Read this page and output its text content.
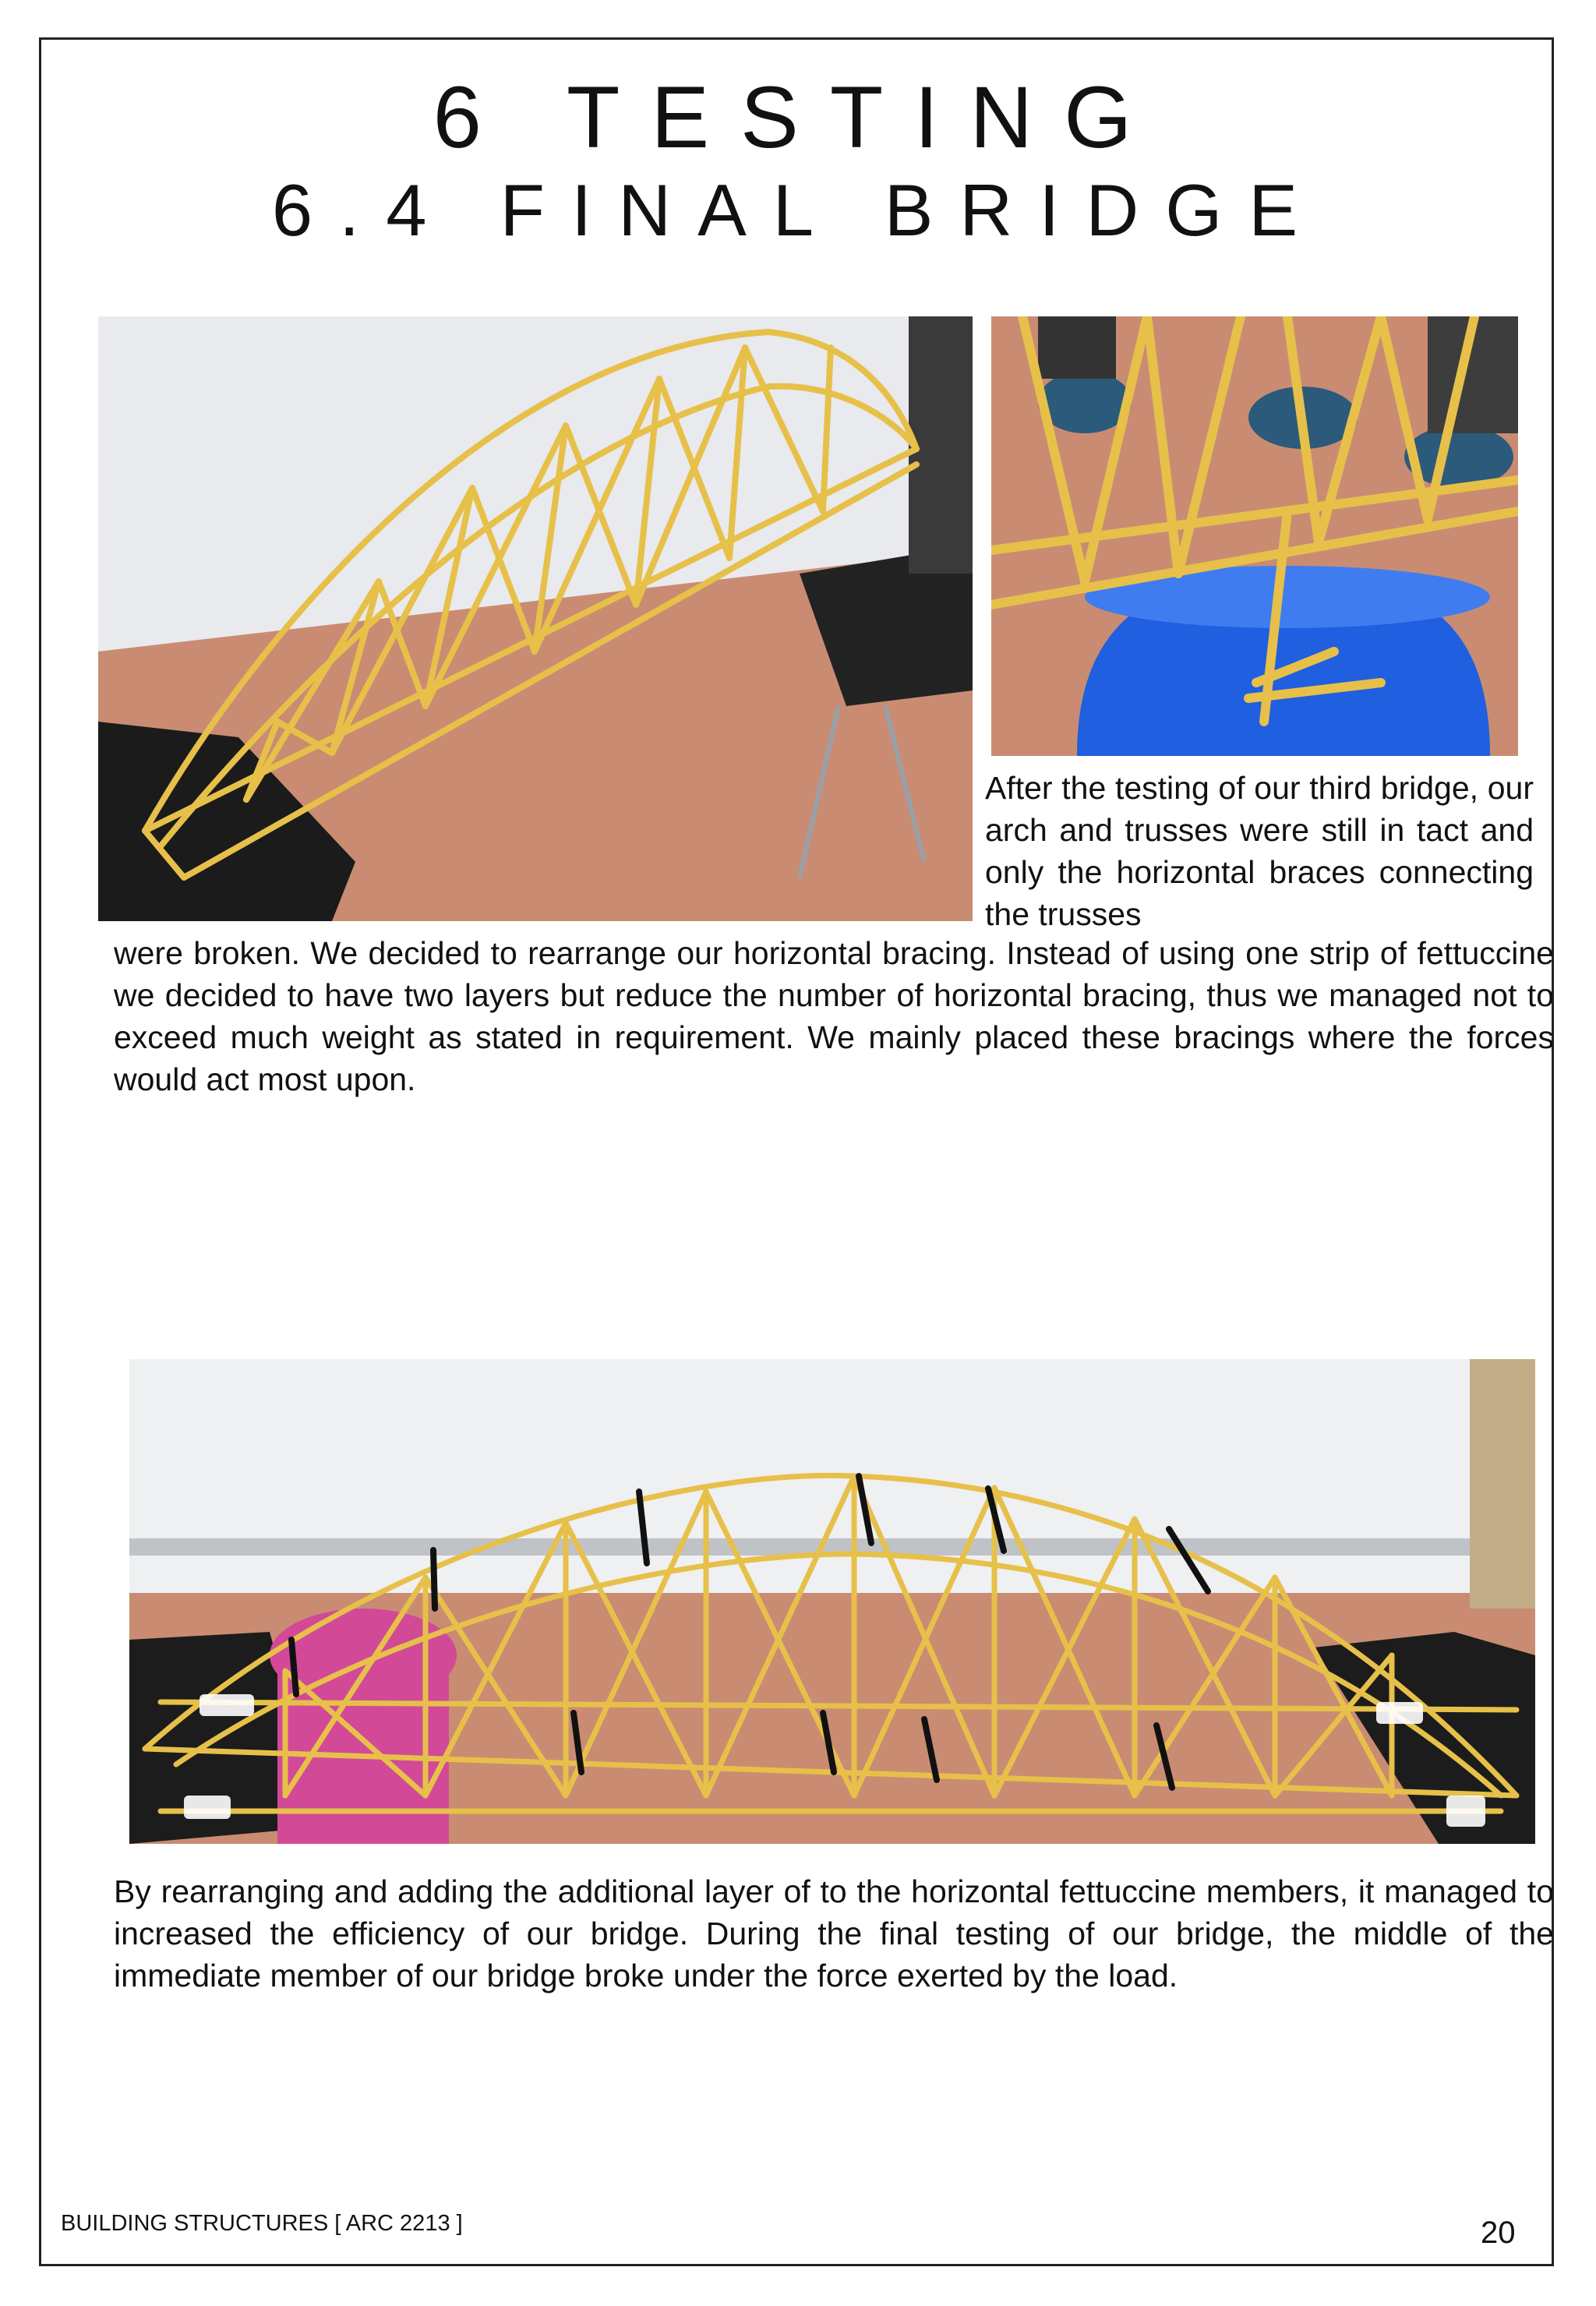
6 TESTING
6.4 FINAL BRIDGE

After the testing of our third bridge, our arch and trusses were still in tact and only the horizontal braces connecting the trusses

were broken. We decided to rearrange our horizontal bracing. Instead of using one strip of fettuccine we decided to have two layers but reduce the number of horizontal bracing, thus we managed not to exceed much weight as stated in requirement. We mainly placed these bracings where the forces would act most upon.

By rearranging and adding the additional layer of to the horizontal fettuccine members, it managed to increased the efficiency of our bridge. During the final testing of our bridge, the middle of the immediate member of our bridge broke under the force exerted by the load.

BUILDING STRUCTURES [ ARC 2213 ]	20
